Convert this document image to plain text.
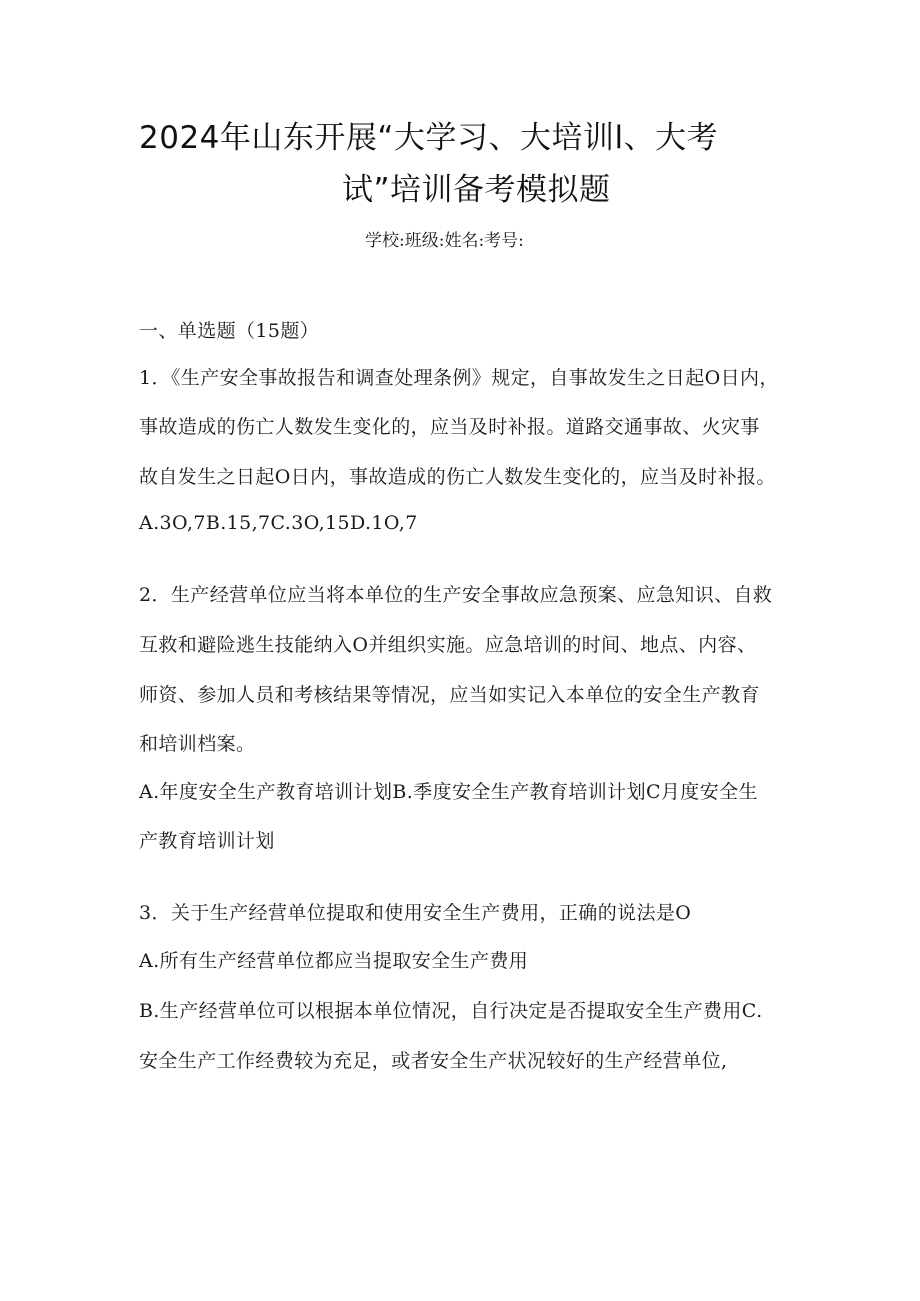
2024年山东开展“大学习、大培训l、大考
试”培训备考模拟题
学校:班级:姓名:考号:
一、单选题（15题）
1．《生产安全事故报告和调查处理条例》规定，自事故发生之日起O日内，
事故造成的伤亡人数发生变化的，应当及时补报。道路交通事故、火灾事
故自发生之日起O日内，事故造成的伤亡人数发生变化的，应当及时补报。
A.3O,7B.15,7C.3O,15D.1O,7
2．生产经营单位应当将本单位的生产安全事故应急预案、应急知识、自救
互救和避险逃生技能纳入O并组织实施。应急培训的时间、地点、内容、
师资、参加人员和考核结果等情况，应当如实记入本单位的安全生产教育
和培训档案。
A.年度安全生产教育培训计划B.季度安全生产教育培训计划C月度安全生
产教育培训计划
3．关于生产经营单位提取和使用安全生产费用，正确的说法是O
A.所有生产经营单位都应当提取安全生产费用
B.生产经营单位可以根据本单位情况，自行决定是否提取安全生产费用C.
安全生产工作经费较为充足，或者安全生产状况较好的生产经营单位,
